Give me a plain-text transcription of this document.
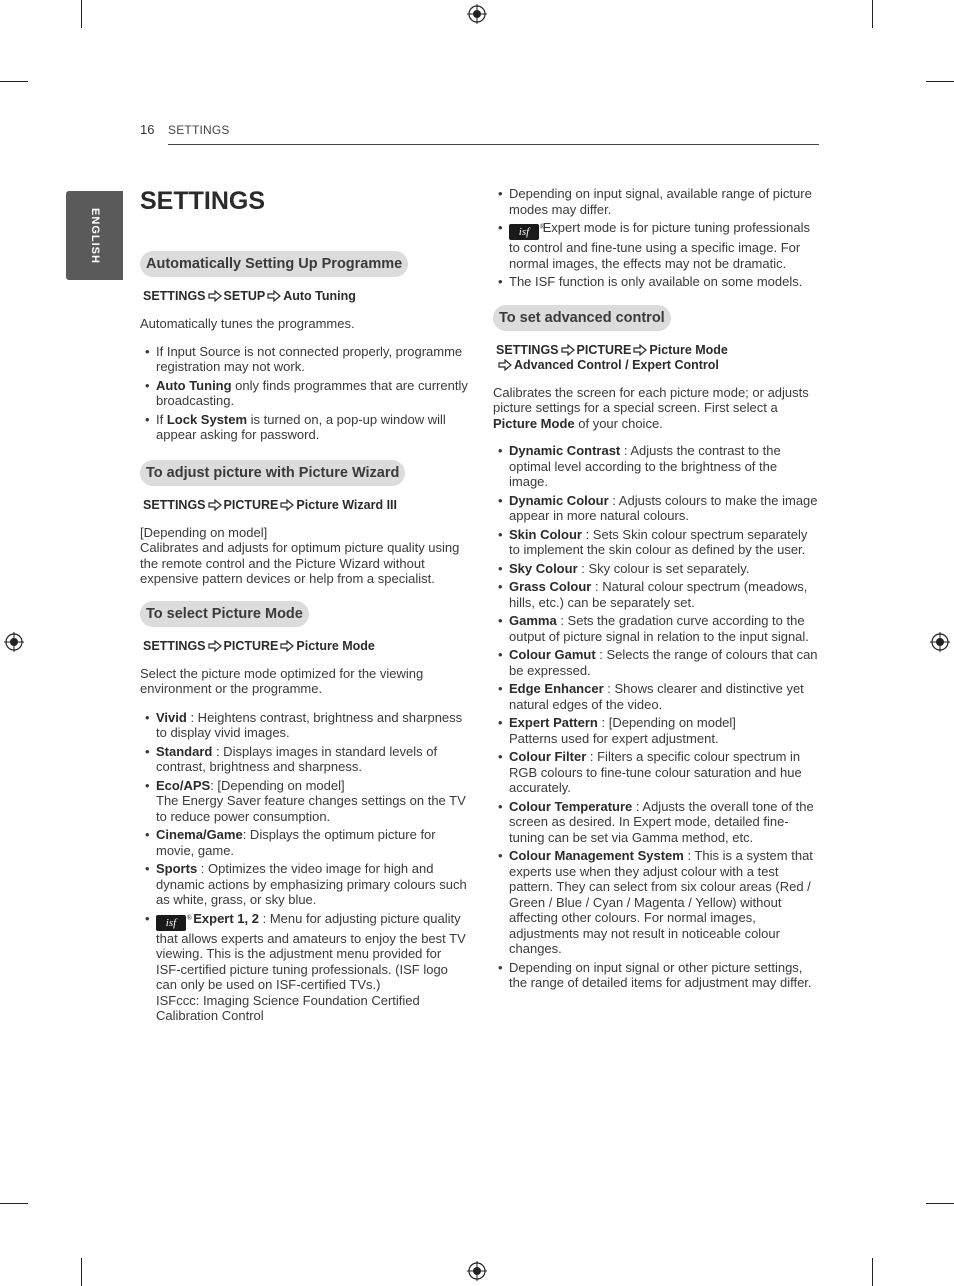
16 SETTINGS
ENGLISH
SETTINGS
Automatically Setting Up Programme
SETTINGS SETUP Auto Tuning

Automatically tunes the programmes.

• If Input Source is not connected properly, programme registration may not work.
• Auto Tuning only finds programmes that are currently broadcasting.
• If Lock System is turned on, a pop-up window will appear asking for password.
To adjust picture with Picture Wizard
SETTINGS PICTURE Picture Wizard III

[Depending on model]

Calibrates and adjusts for optimum picture quality using the remote control and the Picture Wizard without expensive pattern devices or help from a specialist.

To select Picture Mode
SETTINGS PICTURE Picture Mode

Select the picture mode optimized for the viewing environment or the programme.

• Vivid : Heightens contrast, brightness and sharpness to display vivid images.
• Standard : Displays images in standard levels of contrast, brightness and sharpness.
• Eco/APS: [Depending on model]
The Energy Saver feature changes settings on the TV to reduce power consumption.
• Cinema/Game: Displays the optimum picture for movie, game.
• Sports : Optimizes the video image for high and dynamic actions by emphasizing primary colours such as white, grass, or sky blue.
• isf ® Expert 1, 2 : Menu for adjusting picture quality that allows experts and amateurs to enjoy the best TV viewing. This is the adjustment menu provided for ISF-certified picture tuning professionals. (ISF logo can only be used on ISF-certified TVs.)
ISFccc: Imaging Science Foundation Certified Calibration Control
• Depending on input signal, available range of picture modes may differ.
• isf ® Expert mode is for picture tuning professionals to control and fine-tune using a specific image. For normal images, the effects may not be dramatic.
• The ISF function is only available on some models.
To set advanced control
SETTINGS PICTURE Picture Mode
Advanced Control / Expert Control

Calibrates the screen for each picture mode; or adjusts picture settings for a special screen. First select a Picture Mode of your choice.

• Dynamic Contrast : Adjusts the contrast to the optimal level according to the brightness of the image.
• Dynamic Colour : Adjusts colours to make the image appear in more natural colours.
• Skin Colour : Sets Skin colour spectrum separately to implement the skin colour as defined by the user.
• Sky Colour : Sky colour is set separately.
• Grass Colour : Natural colour spectrum (meadows, hills, etc.) can be separately set.
• Gamma : Sets the gradation curve according to the output of picture signal in relation to the input signal.
• Colour Gamut : Selects the range of colours that can be expressed.
• Edge Enhancer : Shows clearer and distinctive yet natural edges of the video.
• Expert Pattern : [Depending on model]
Patterns used for expert adjustment.
• Colour Filter : Filters a specific colour spectrum in RGB colours to fine-tune colour saturation and hue accurately.
• Colour Temperature : Adjusts the overall tone of the screen as desired. In Expert mode, detailed fine-tuning can be set via Gamma method, etc.
• Colour Management System : This is a system that experts use when they adjust colour with a test pattern. They can select from six colour areas (Red / Green / Blue / Cyan / Magenta / Yellow) without affecting other colours. For normal images, adjustments may not result in noticeable colour changes.
• Depending on input signal or other picture settings, the range of detailed items for adjustment may differ.
